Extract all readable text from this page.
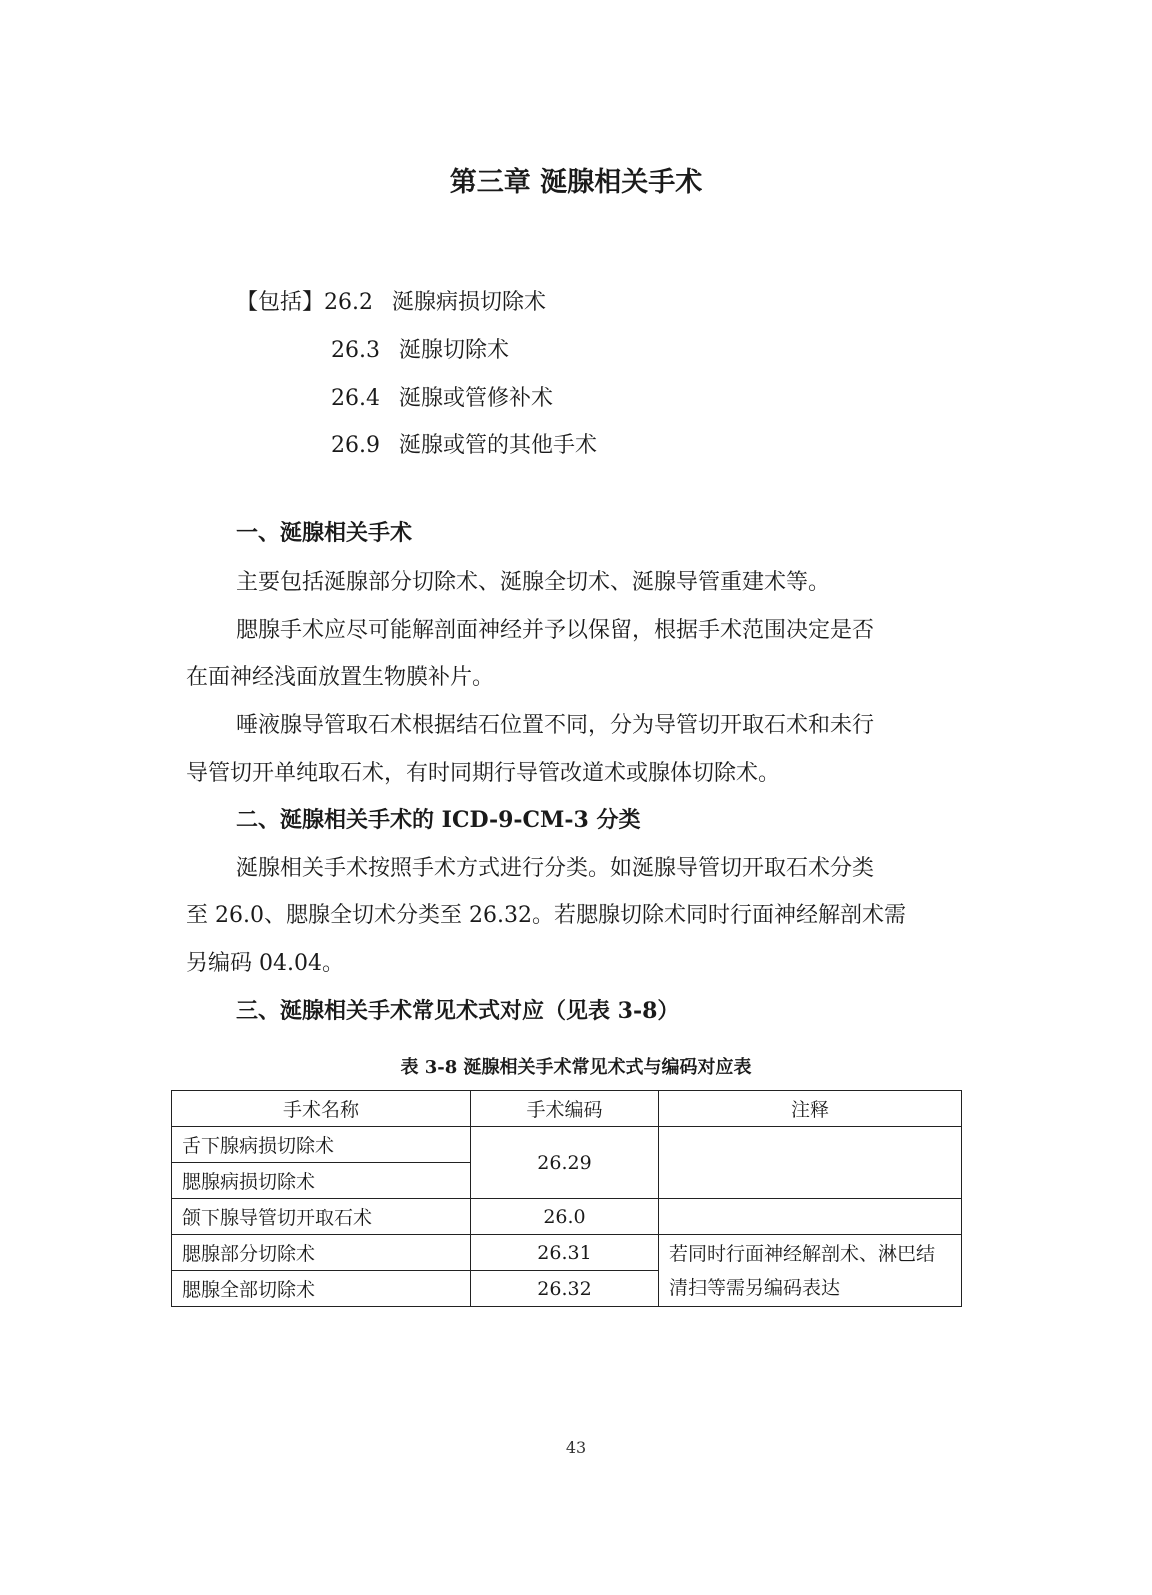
第三章 涎腺相关手术
【包括】26.2 涎腺病损切除术
26.3 涎腺切除术
26.4 涎腺或管修补术
26.9 涎腺或管的其他手术
一、涎腺相关手术
主要包括涎腺部分切除术、涎腺全切术、涎腺导管重建术等。
腮腺手术应尽可能解剖面神经并予以保留，根据手术范围决定是否
在面神经浅面放置生物膜补片。
唾液腺导管取石术根据结石位置不同，分为导管切开取石术和未行
导管切开单纯取石术，有时同期行导管改道术或腺体切除术。
二、涎腺相关手术的 ICD-9-CM-3 分类
涎腺相关手术按照手术方式进行分类。如涎腺导管切开取石术分类
至 26.0、腮腺全切术分类至 26.32。若腮腺切除术同时行面神经解剖术需
另编码 04.04。
三、涎腺相关手术常见术式对应（见表 3-8）
表 3-8 涎腺相关手术常见术式与编码对应表
手术名称	手术编码	注释
舌下腺病损切除术	26.29	
腮腺病损切除术		
颌下腺导管切开取石术	26.0	
腮腺部分切除术	26.31	若同时行面神经解剖术、淋巴结清扫等需另编码表达
腮腺全部切除术	26.32	
43
